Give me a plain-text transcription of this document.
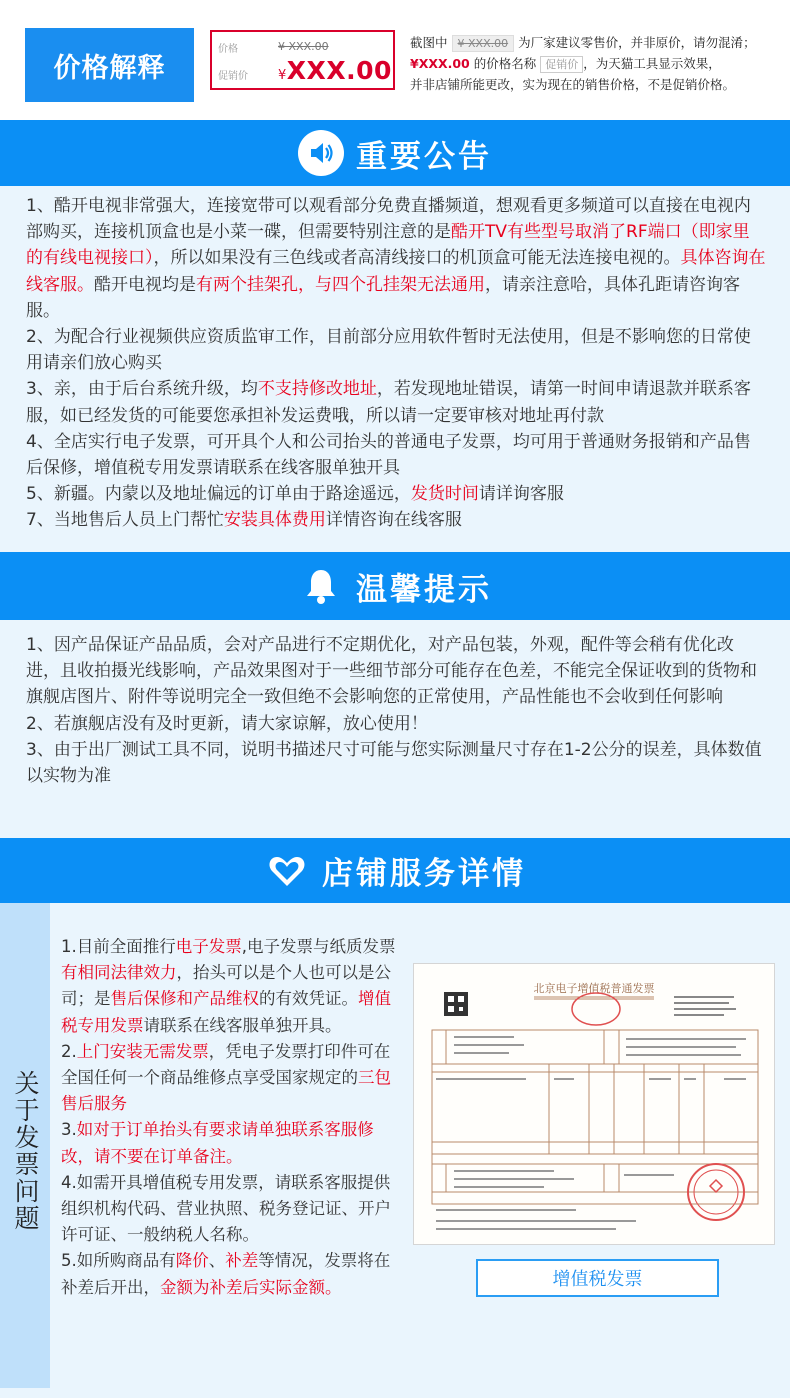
价格解释
价格
促销价
¥ XXX.00
¥XXX.00
截图中 ¥ XXX.00 为厂家建议零售价，并非原价，请勿混淆；
¥XXX.00 的价格名称 促销价 ，为天猫工具显示效果，
并非店铺所能更改，实为现在的销售价格，不是促销价格。
重要公告

1、酷开电视非常强大，连接宽带可以观看部分免费直播频道，想观看更多频道可以直接在电视内部购买，连接机顶盒也是小菜一碟，但需要特别注意的是酷开TV有些型号取消了RF端口（即家里的有线电视接口），所以如果没有三色线或者高清线接口的机顶盒可能无法连接电视的。具体咨询在线客服。酷开电视均是有两个挂架孔，与四个孔挂架无法通用，请亲注意哈，具体孔距请咨询客服。

2、为配合行业视频供应资质监审工作，目前部分应用软件暂时无法使用，但是不影响您的日常使用请亲们放心购买

3、亲，由于后台系统升级，均不支持修改地址，若发现地址错误，请第一时间申请退款并联系客服，如已经发货的可能要您承担补发运费哦，所以请一定要审核对地址再付款

4、全店实行电子发票，可开具个人和公司抬头的普通电子发票，均可用于普通财务报销和产品售后保修，增值税专用发票请联系在线客服单独开具

5、新疆。内蒙以及地址偏远的订单由于路途遥远，发货时间请详询客服

7、当地售后人员上门帮忙安装具体费用详情咨询在线客服

温馨提示

1、因产品保证产品品质，会对产品进行不定期优化，对产品包装，外观，配件等会稍有优化改进，且收拍摄光线影响，产品效果图对于一些细节部分可能存在色差，不能完全保证收到的货物和旗舰店图片、附件等说明完全一致但绝不会影响您的正常使用，产品性能也不会收到任何影响

2、若旗舰店没有及时更新，请大家谅解，放心使用！

3、由于出厂测试工具不同，说明书描述尺寸可能与您实际测量尺寸存在1-2公分的误差，具体数值以实物为准

店铺服务详情
关于发票问题

1.目前全面推行电子发票,电子发票与纸质发票有相同法律效力，抬头可以是个人也可以是公司；是售后保修和产品维权的有效凭证。增值税专用发票请联系在线客服单独开具。

2.上门安装无需发票，凭电子发票打印件可在全国任何一个商品维修点享受国家规定的三包售后服务

3.如对于订单抬头有要求请单独联系客服修改，请不要在订单备注。

4.如需开具增值税专用发票，请联系客服提供组织机构代码、营业执照、税务登记证、开户许可证、一般纳税人名称。

5.如所购商品有降价、补差等情况，发票将在补差后开出，金额为补差后实际金额。

北京电子增值税普通发票
增值税发票
